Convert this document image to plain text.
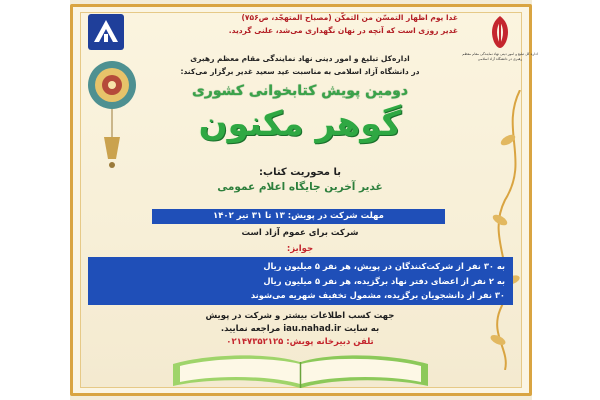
اداره کل تبلیغ و امور دینی نهاد نمایندگی مقام معظم رهبری در دانشگاه آزاد اسلامی
غدا یوم اظهار التمسّن من التمکّن (مصباح المتهجّد، ص۷۵۶)
غدیر روزی است که آنچه در نهان نگهداری می‌شد، علنی گردید.
اداره‌کل تبلیغ و امور دینی نهاد نمایندگی مقام معظم رهبری
در دانشگاه آزاد اسلامی به مناسبت عید سعید غدیر برگزار می‌کند:
دومین پویش کتابخوانی کشوری
گوهر مکنون
با محوریت کتاب:
غدیر آخرین جایگاه اعلام عمومی
مهلت شرکت در پویش: ۱۳ تا ۳۱ تیر ۱۴۰۲
شرکت برای عموم آزاد است
جوایز:
به ۳۰ نفر از شرکت‌کنندگان در پویش، هر نفر ۵ میلیون ریال
به ۲ نفر از اعضای دفتر نهاد برگزیده، هر نفر ۵ میلیون ریال
۳۰ نفر از دانشجویان برگزیده، مشمول تخفیف شهریه می‌شوند
جهت کسب اطلاعات بیشتر و شرکت در پویش
به سایت iau.nahad.ir مراجعه نمایید.
تلفن دبیرخانه پویش: ۰۲۱۴۷۳۵۲۱۲۵
